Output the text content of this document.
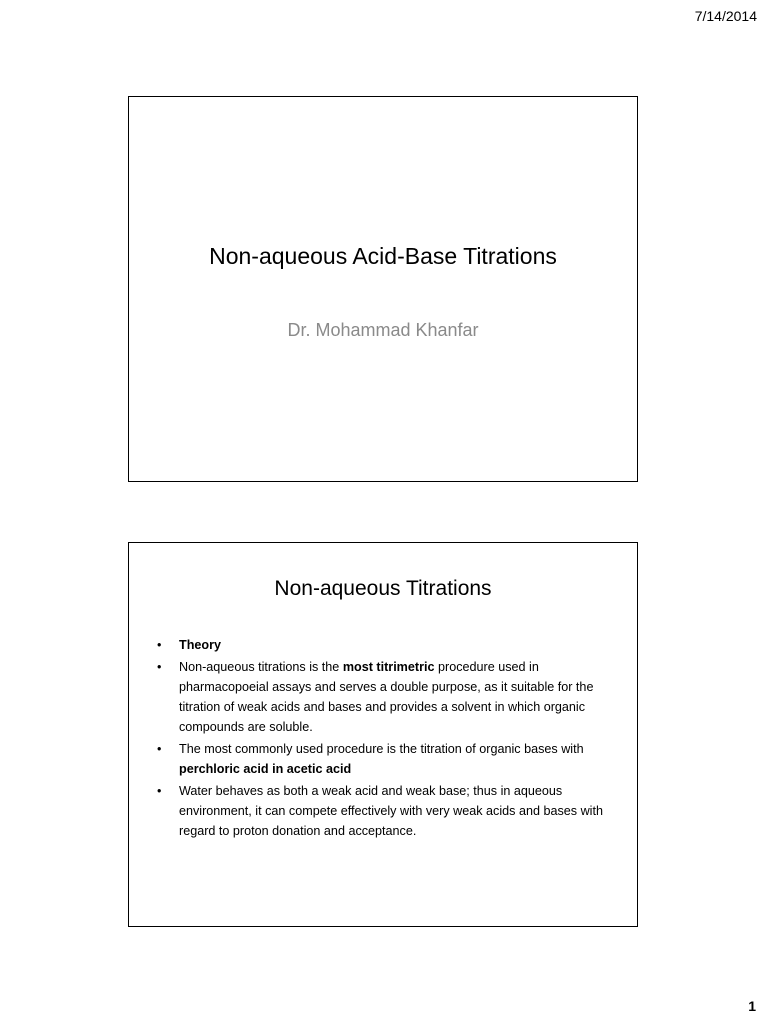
7/14/2014
Non-aqueous Acid-Base Titrations
Dr. Mohammad Khanfar
Non-aqueous Titrations
• Theory
• Non-aqueous titrations is the most titrimetric procedure used in pharmacopoeial assays and serves a double purpose, as it suitable for the titration of weak acids and bases and provides a solvent in which organic compounds are soluble.
• The most commonly used procedure is the titration of organic bases with perchloric acid in acetic acid
• Water behaves as both a weak acid and weak base; thus in aqueous environment, it can compete effectively with very weak acids and bases with regard to proton donation and acceptance.
1
